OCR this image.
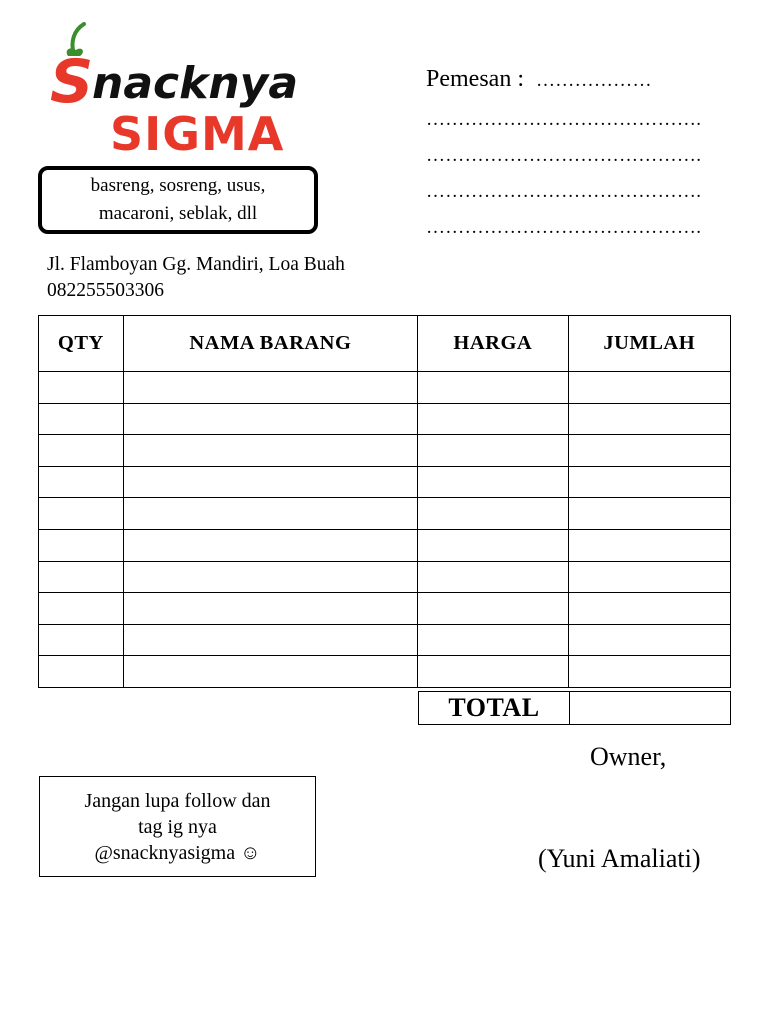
S
nacknya
SIGMA
basreng, sosreng, usus,
macaroni, seblak, dll
Jl. Flamboyan Gg. Mandiri, Loa Buah
082255503306
Pemesan : ………………
…………………………………….
…………………………………….
…………………………………….
…………………………………….
QTY	NAMA BARANG	HARGA	JUMLAH

TOTAL	
Owner,
(Yuni Amaliati)
Jangan lupa follow dan
tag ig nya
@snacknyasigma ☺
